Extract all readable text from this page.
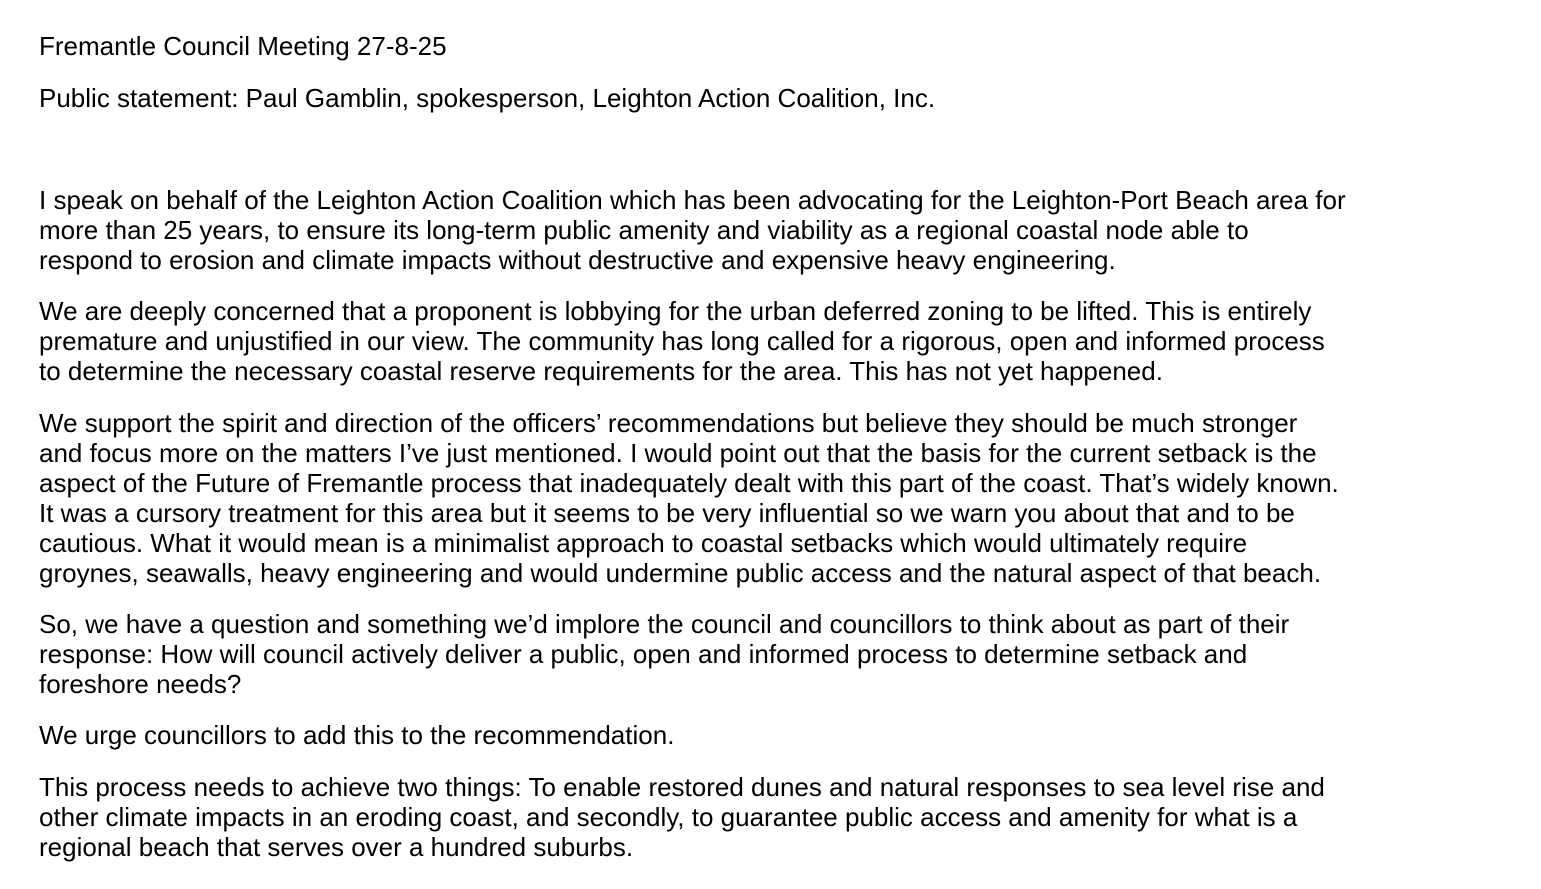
Fremantle Council Meeting 27-8-25

Public statement: Paul Gamblin, spokesperson, Leighton Action Coalition, Inc.

I speak on behalf of the Leighton Action Coalition which has been advocating for the Leighton-Port Beach area for
more than 25 years, to ensure its long-term public amenity and viability as a regional coastal node able to
respond to erosion and climate impacts without destructive and expensive heavy engineering.
We are deeply concerned that a proponent is lobbying for the urban deferred zoning to be lifted. This is entirely
premature and unjustified in our view. The community has long called for a rigorous, open and informed process
to determine the necessary coastal reserve requirements for the area. This has not yet happened.
We support the spirit and direction of the officers’ recommendations but believe they should be much stronger
and focus more on the matters I’ve just mentioned. I would point out that the basis for the current setback is the
aspect of the Future of Fremantle process that inadequately dealt with this part of the coast. That’s widely known.
It was a cursory treatment for this area but it seems to be very influential so we warn you about that and to be
cautious. What it would mean is a minimalist approach to coastal setbacks which would ultimately require
groynes, seawalls, heavy engineering and would undermine public access and the natural aspect of that beach.
So, we have a question and something we’d implore the council and councillors to think about as part of their
response: How will council actively deliver a public, open and informed process to determine setback and
foreshore needs?
We urge councillors to add this to the recommendation.
This process needs to achieve two things: To enable restored dunes and natural responses to sea level rise and
other climate impacts in an eroding coast, and secondly, to guarantee public access and amenity for what is a
regional beach that serves over a hundred suburbs.
